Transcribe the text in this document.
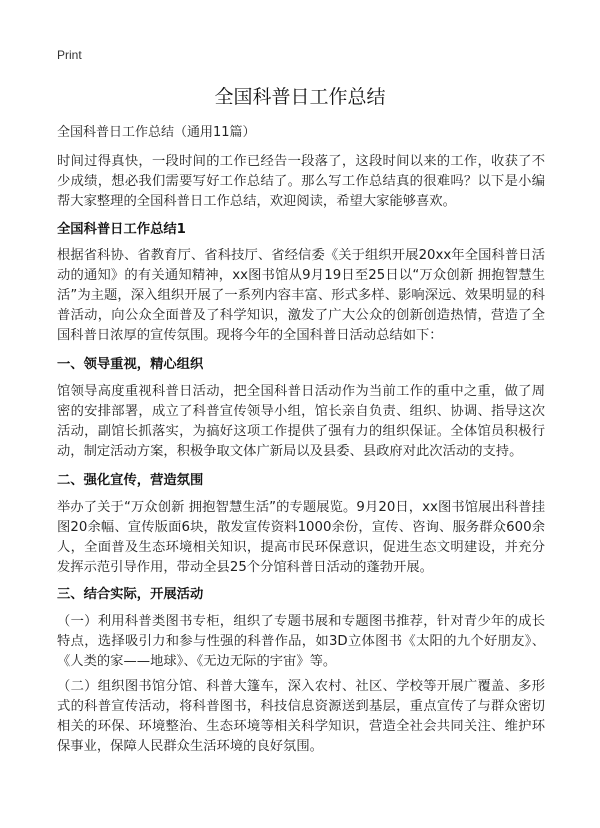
Print
全国科普日工作总结
全国科普日工作总结（通用11篇）

时间过得真快，一段时间的工作已经告一段落了，这段时间以来的工作，收获了不少成绩，想必我们需要写好工作总结了。那么写工作总结真的很难吗？以下是小编帮大家整理的全国科普日工作总结，欢迎阅读，希望大家能够喜欢。

全国科普日工作总结1

根据省科协、省教育厅、省科技厅、省经信委《关于组织开展20xx年全国科普日活动的通知》的有关通知精神，xx图书馆从9月19日至25日以“万众创新 拥抱智慧生活”为主题，深入组织开展了一系列内容丰富、形式多样、影响深远、效果明显的科普活动，向公众全面普及了科学知识，激发了广大公众的创新创造热情，营造了全国科普日浓厚的宣传氛围。现将今年的全国科普日活动总结如下：

一、领导重视，精心组织

馆领导高度重视科普日活动，把全国科普日活动作为当前工作的重中之重，做了周密的安排部署，成立了科普宣传领导小组，馆长亲自负责、组织、协调、指导这次活动，副馆长抓落实，为搞好这项工作提供了强有力的组织保证。全体馆员积极行动，制定活动方案，积极争取文体广新局以及县委、县政府对此次活动的支持。

二、强化宣传，营造氛围

举办了关于“万众创新 拥抱智慧生活”的专题展览。9月20日，xx图书馆展出科普挂图20余幅、宣传版面6块，散发宣传资料1000余份，宣传、咨询、服务群众600余人，全面普及生态环境相关知识，提高市民环保意识，促进生态文明建设，并充分发挥示范引导作用，带动全县25个分馆科普日活动的蓬勃开展。

三、结合实际，开展活动

（一）利用科普类图书专柜，组织了专题书展和专题图书推荐，针对青少年的成长特点，选择吸引力和参与性强的科普作品，如3D立体图书《太阳的九个好朋友》、《人类的家——地球》、《无边无际的宇宙》等。

（二）组织图书馆分馆、科普大篷车，深入农村、社区、学校等开展广覆盖、多形式的科普宣传活动，将科普图书，科技信息资源送到基层，重点宣传了与群众密切相关的环保、环境整治、生态环境等相关科学知识，营造全社会共同关注、维护环保事业，保障人民群众生活环境的良好氛围。
